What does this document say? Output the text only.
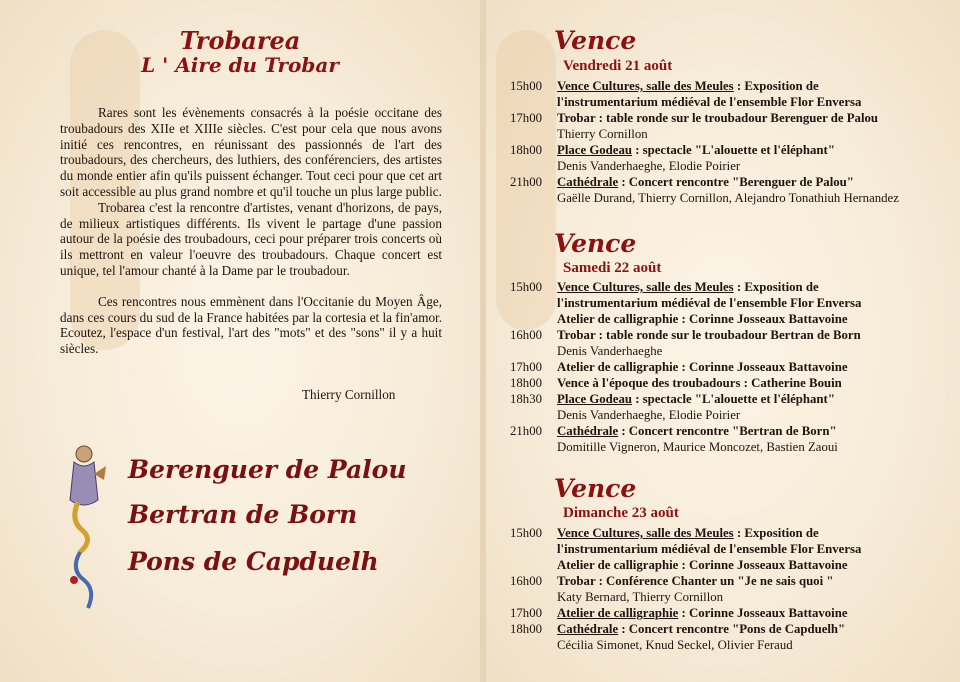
Trobarea
L ' Aire du Trobar

Rares sont les évènements consacrés à la poésie occitane des troubadours des XIIe et XIIIe siècles. C'est pour cela que nous avons initié ces rencontres, en réunissant des passionnés de l'art des troubadours, des chercheurs, des luthiers, des conférenciers, des artistes du monde entier afin qu'ils puissent échanger. Tout ceci pour que cet art soit accessible au plus grand nombre et qu'il touche un plus large public.

Trobarea c'est la rencontre d'artistes, venant d'horizons, de pays, de milieux artistiques différents. Ils vivent le partage d'une passion autour de la poésie des troubadours, ceci pour préparer trois concerts où ils mettront en valeur l'oeuvre des troubadours. Chaque concert est unique, tel l'amour chanté à la Dame par le troubadour.

Ces rencontres nous emmènent dans l'Occitanie du Moyen Âge, dans ces cours du sud de la France habitées par la cortesia et la fin'amor. Ecoutez, l'espace d'un festival, l'art des "mots" et des "sons" il y a huit siècles.

Thierry Cornillon
Berenguer de Palou
Bertran de Born
Pons de Capduelh
Vence
Vendredi 21 août
15h00	Vence Cultures, salle des Meules : Exposition de
l'instrumentarium médiéval de l'ensemble Flor Enversa
17h00	Trobar : table ronde sur le troubadour Berenguer de Palou
Thierry Cornillon
18h00	Place Godeau : spectacle "L'alouette et l'éléphant"
Denis Vanderhaeghe, Elodie Poirier
21h00	Cathédrale : Concert rencontre "Berenguer de Palou"
Gaëlle Durand, Thierry Cornillon, Alejandro Tonathiuh Hernandez
Vence
Samedi 22 août
15h00	Vence Cultures, salle des Meules : Exposition de
l'instrumentarium médiéval de l'ensemble Flor Enversa
Atelier de calligraphie : Corinne Josseaux Battavoine
16h00	Trobar : table ronde sur le troubadour Bertran de Born
Denis Vanderhaeghe
17h00	Atelier de calligraphie : Corinne Josseaux Battavoine
18h00	Vence à l'époque des troubadours : Catherine Bouin
18h30	Place Godeau : spectacle "L'alouette et l'éléphant"
Denis Vanderhaeghe, Elodie Poirier
21h00	Cathédrale : Concert rencontre "Bertran de Born"
Domitille Vigneron, Maurice Moncozet, Bastien Zaoui
Vence
Dimanche 23 août
15h00	Vence Cultures, salle des Meules : Exposition de
l'instrumentarium médiéval de l'ensemble Flor Enversa
Atelier de calligraphie : Corinne Josseaux Battavoine
16h00	Trobar : Conférence Chanter un "Je ne sais quoi "
Katy Bernard, Thierry Cornillon
17h00	Atelier de calligraphie : Corinne Josseaux Battavoine
18h00	Cathédrale : Concert rencontre "Pons de Capduelh"
Cécilia Simonet, Knud Seckel, Olivier Feraud
